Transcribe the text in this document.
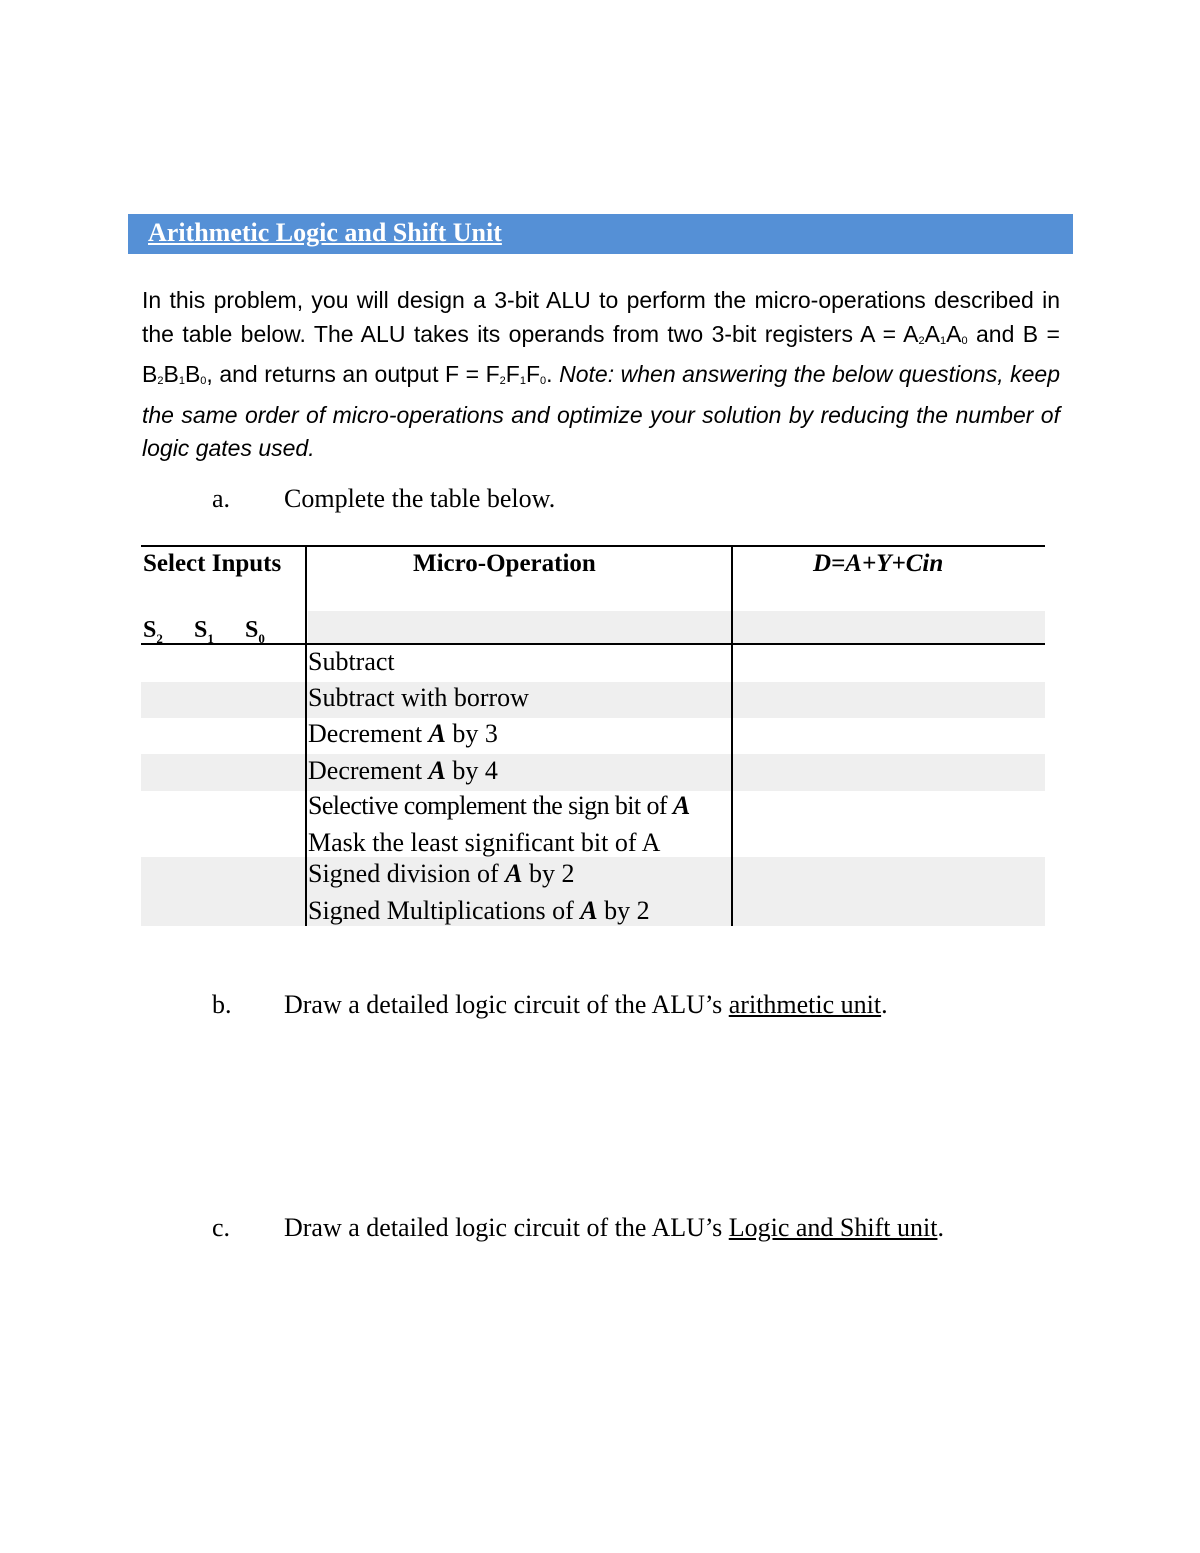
Arithmetic Logic and Shift Unit
In this problem, you will design a 3-bit ALU to perform the micro-operations described in the table below. The ALU takes its operands from two 3-bit registers $A = A_2A_1A_0$ and $B = B_2B_1B_0$, and returns an output $F = F_2F_1F_0$. Note: when answering the below questions, keep the same order of micro-operations and optimize your solution by reducing the number of logic gates used.
a. Complete the table below.
Select Inputs	Micro-Operation	D=A+Y+Cin
$S_2$ $S_1$ $S_0$
Subtract
Subtract with borrow
Decrement A by 3
Decrement A by 4
Selective complement the sign bit of A
Mask the least significant bit of A
Signed division of A by 2
Signed Multiplications of A by 2
b. Draw a detailed logic circuit of the ALU’s arithmetic unit.
c. Draw a detailed logic circuit of the ALU’s Logic and Shift unit.
